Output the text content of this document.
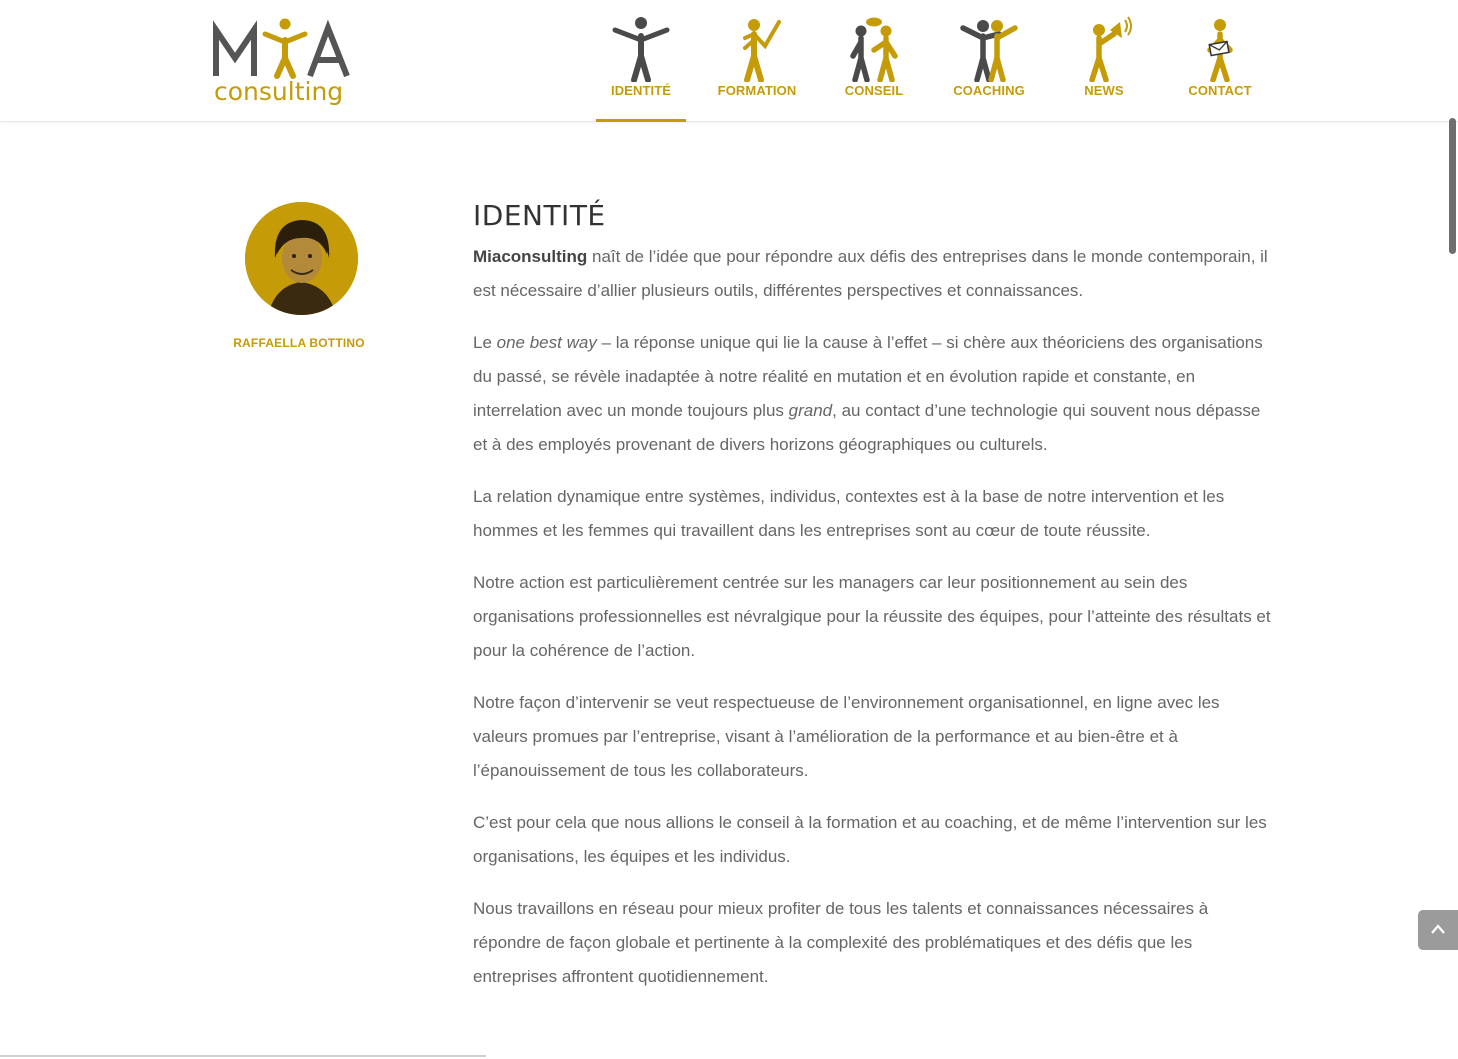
consulting	IDENTITÉ	FORMATION	CONSEIL	COACHING	NEWS	CONTACT
RAFFAELLA BOTTINO
IDENTITÉ

Miaconsulting naît de l’idée que pour répondre aux défis des entreprises dans le monde contemporain, il est nécessaire d’allier plusieurs outils, différentes perspectives et connaissances.

Le one best way – la réponse unique qui lie la cause à l’effet – si chère aux théoriciens des organisations du passé, se révèle inadaptée à notre réalité en mutation et en évolution rapide et constante, en interrelation avec un monde toujours plus grand, au contact d’une technologie qui souvent nous dépasse et à des employés provenant de divers horizons géographiques ou culturels.

La relation dynamique entre systèmes, individus, contextes est à la base de notre intervention et les hommes et les femmes qui travaillent dans les entreprises sont au cœur de toute réussite.

Notre action est particulièrement centrée sur les managers car leur positionnement au sein des organisations professionnelles est névralgique pour la réussite des équipes, pour l’atteinte des résultats et pour la cohérence de l’action.

Notre façon d’intervenir se veut respectueuse de l’environnement organisationnel, en ligne avec les valeurs promues par l’entreprise, visant à l’amélioration de la performance et au bien-être et à l’épanouissement de tous les collaborateurs.

C’est pour cela que nous allions le conseil à la formation et au coaching, et de même l’intervention sur les organisations, les équipes et les individus.

Nous travaillons en réseau pour mieux profiter de tous les talents et connaissances nécessaires à répondre de façon globale et pertinente à la complexité des problématiques et des défis que les entreprises affrontent quotidiennement.
